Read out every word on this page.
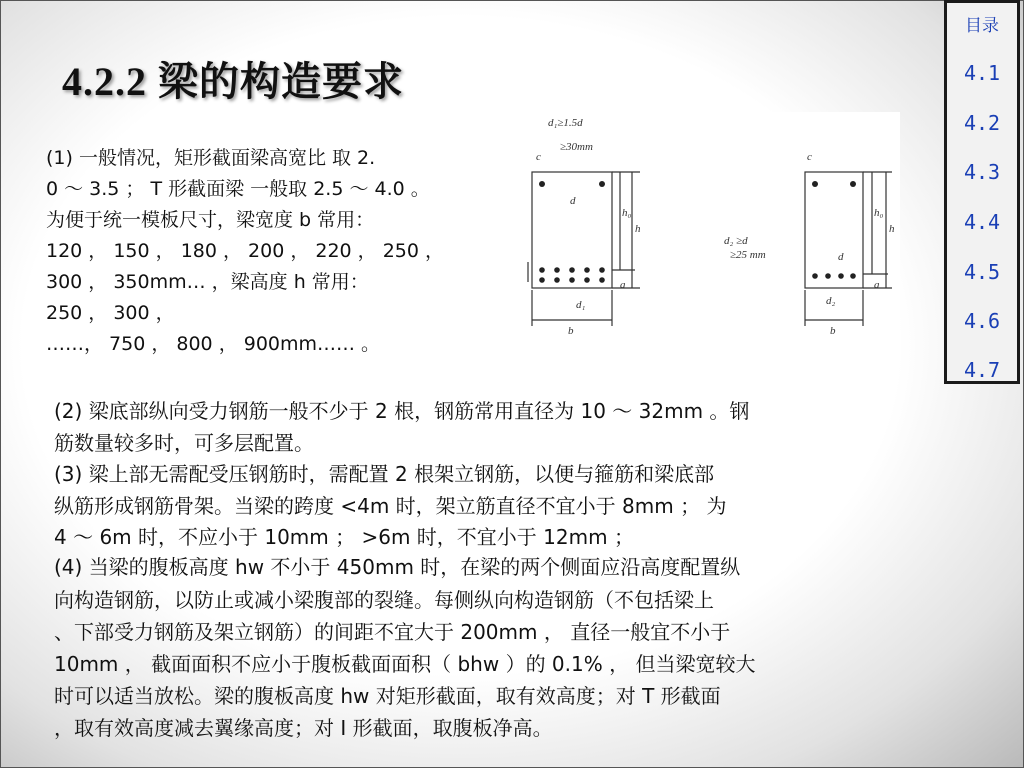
4.2.2 梁的构造要求
目录
4.1
4.2
4.3
4.4
4.5
4.6
4.7
(1) 一般情况，矩形截面梁高宽比 取 2.
0 ～ 3.5 ； T 形截面梁 一般取 2.5 ～ 4.0 。
为便于统一模板尺寸，梁宽度 b 常用：
120 ， 150 ， 180 ， 200 ， 220 ， 250 ，
300 ， 350mm… ，梁高度 h 常用：
250 ， 300 ，
……， 750 ， 800 ， 900mm…… 。
d₁≥1.5d
≥30mm
d₂ ≥d
≥25 mm
d
d
b	b
h	h
h₀	h₀
c	c
d₁	d₂
a	a
(2) 梁底部纵向受力钢筋一般不少于 2 根，钢筋常用直径为 10 ～ 32mm 。钢
筋数量较多时，可多层配置。
(3) 梁上部无需配受压钢筋时，需配置 2 根架立钢筋，以便与箍筋和梁底部
纵筋形成钢筋骨架。当梁的跨度 <4m 时，架立筋直径不宜小于 8mm ； 为
4 ～ 6m 时，不应小于 10mm ； >6m 时，不宜小于 12mm ；
(4) 当梁的腹板高度 hw 不小于 450mm 时，在梁的两个侧面应沿高度配置纵
向构造钢筋，以防止或减小梁腹部的裂缝。每侧纵向构造钢筋（不包括梁上
、下部受力钢筋及架立钢筋）的间距不宜大于 200mm ， 直径一般宜不小于
10mm ， 截面面积不应小于腹板截面面积（ bhw ）的 0.1% ， 但当梁宽较大
时可以适当放松。梁的腹板高度 hw 对矩形截面，取有效高度；对 T 形截面
，取有效高度减去翼缘高度；对 I 形截面，取腹板净高。
